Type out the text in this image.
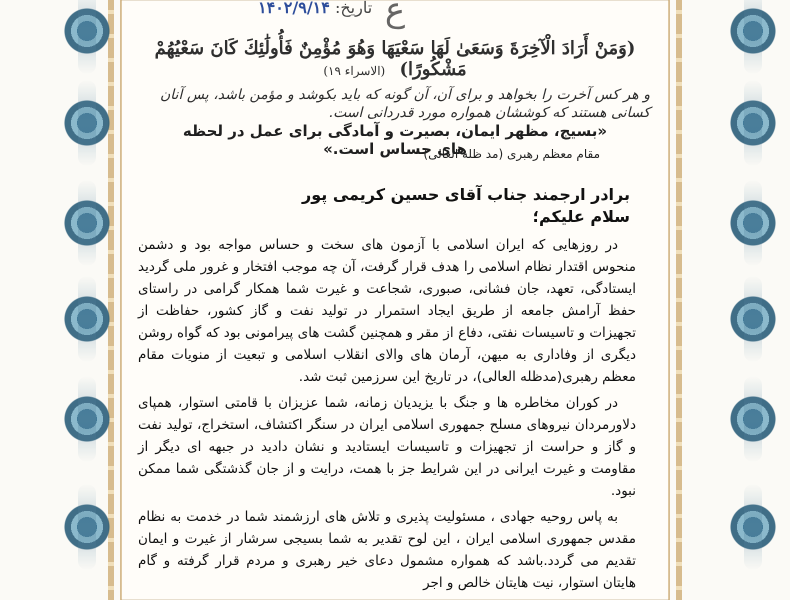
ع
تاریخ: ۱۴۰۲/۹/۱۴
(وَمَنْ أَرَادَ الْآخِرَةَ وَسَعَىٰ لَهَا سَعْيَهَا وَهُوَ مُؤْمِنٌ فَأُولَٰئِكَ كَانَ سَعْيُهُمْ مَشْكُورًا) (الاسراء ۱۹)
و هر کس آخرت را بخواهد و برای آن، آن گونه که باید بکوشد و مؤمن باشد، پس آنان کسانی هستند که کوششان همواره مورد قدردانی است.
«بسیج، مظهر ایمان، بصیرت و آمادگی برای عمل در لحظه های حساس است.»
مقام معظم رهبری (مد ظله العالی)
برادر ارجمند جناب آقای حسین کریمی پور
سلام علیکم؛

در روزهایی که ایران اسلامی با آزمون های سخت و حساس مواجه بود و دشمن منحوس اقتدار نظام اسلامی را هدف قرار گرفت، آن چه موجب افتخار و غرور ملی گردید ایستادگی، تعهد، جان فشانی، صبوری، شجاعت و غیرت شما همکار گرامی در راستای حفظ آرامش جامعه از طریق ایجاد استمرار در تولید نفت و گاز کشور، حفاظت از تجهیزات و تاسیسات نفتی، دفاع از مقر و همچنین گشت های پیرامونی بود که گواه روشن دیگری از وفاداری به میهن، آرمان های والای انقلاب اسلامی و تبعیت از منویات مقام معظم رهبری(مدظله العالی)، در تاریخ این سرزمین ثبت شد.

در کوران مخاطره ها و جنگ با یزیدیان زمانه، شما عزیزان با قامتی استوار، همپای دلاورمردان نیروهای مسلح جمهوری اسلامی ایران در سنگر اکتشاف، استخراج، تولید نفت و گاز و حراست از تجهیزات و تاسیسات ایستادید و نشان دادید در جبهه ای دیگر از مقاومت و غیرت ایرانی در این شرایط جز با همت، درایت و از جان گذشتگی شما ممکن نبود.

به پاس روحیه جهادی ، مسئولیت پذیری و تلاش های ارزشمند شما در خدمت به نظام مقدس جمهوری اسلامی ایران ، این لوح تقدیر به شما بسیجی سرشار از غیرت و ایمان تقدیم می گردد.باشد که همواره مشمول دعای خیر رهبری و مردم قرار گرفته و گام هایتان استوار، نیت هایتان خالص و اجر
